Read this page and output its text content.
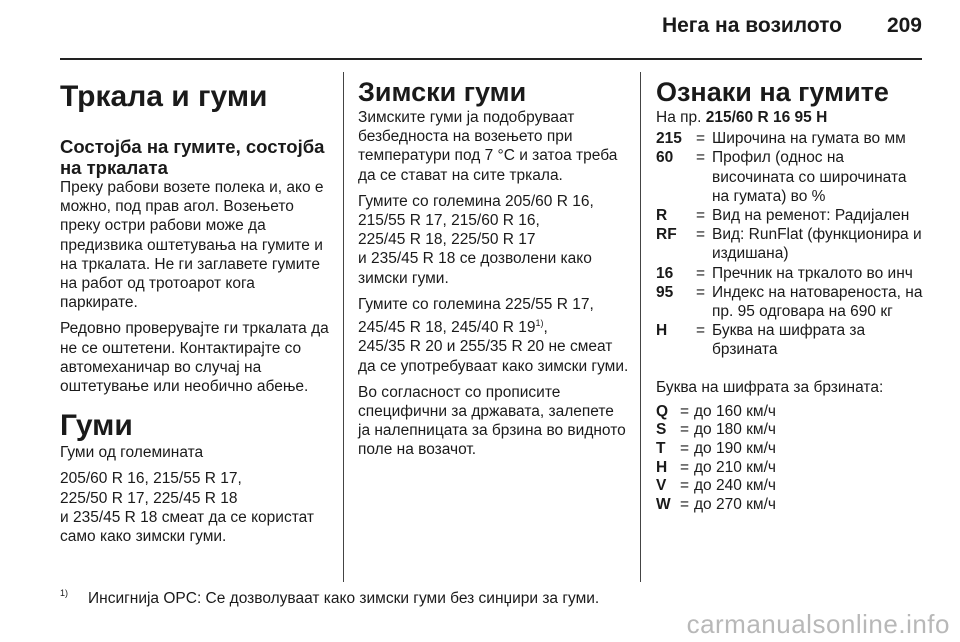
Нега на возилото 209
Тркала и гуми
Состојба на гумите, состојба на тркалата
Преку рабови возете полека и, ако е можно, под прав агол. Возењето преку остри рабови може да предизвика оштетувања на гумите и на тркалата. Не ги заглавете гумите на работ од тротоарот кога паркирате.
Редовно проверувајте ги тркалата да не се оштетени. Контактирајте со автомеханичар во случај на оштетување или необично абење.
Гуми
Гуми од големината
205/60 R 16, 215/55 R 17,
225/50 R 17, 225/45 R 18
и 235/45 R 18 смеат да се користат само како зимски гуми.
Зимски гуми
Зимските гуми ја подобруваат безбедноста на возењето при температури под 7 °C и затоа треба да се стават на сите тркала.
Гумите со големина 205/60 R 16,
215/55 R 17, 215/60 R 16,
225/45 R 18, 225/50 R 17
и 235/45 R 18 се дозволени како зимски гуми.
Гумите со големина 225/55 R 17,
245/45 R 18, 245/40 R 19$^{1)}$,
245/35 R 20 и 255/35 R 20 не смеат да се употребуваат како зимски гуми.
Во согласност со прописите специфични за државата, залепете ја налепницата за брзина во видното поле на возачот.
Ознаки на гумите
На пр. 215/60 R 16 95 H
215 = Широчина на гумата во мм
60	= Профил (однос на височината со широчината на гумата) во %
R	= Вид на ременот: Радијален
RF	= Вид: RunFlat (функционира и издишана)
16	= Пречник на тркалото во инч
95	= Индекс на натовареноста, на пр. 95 одговара на 690 кг
H	= Буква на шифрата за брзината
Буква на шифрата за брзината:
Q = до 160 км/ч
S = до 180 км/ч
T = до 190 км/ч
H = до 210 км/ч
V = до 240 км/ч
W = до 270 км/ч
1)	Инсигнија OPC: Се дозволуваат како зимски гуми без синџири за гуми.
carmanualsonline.info
